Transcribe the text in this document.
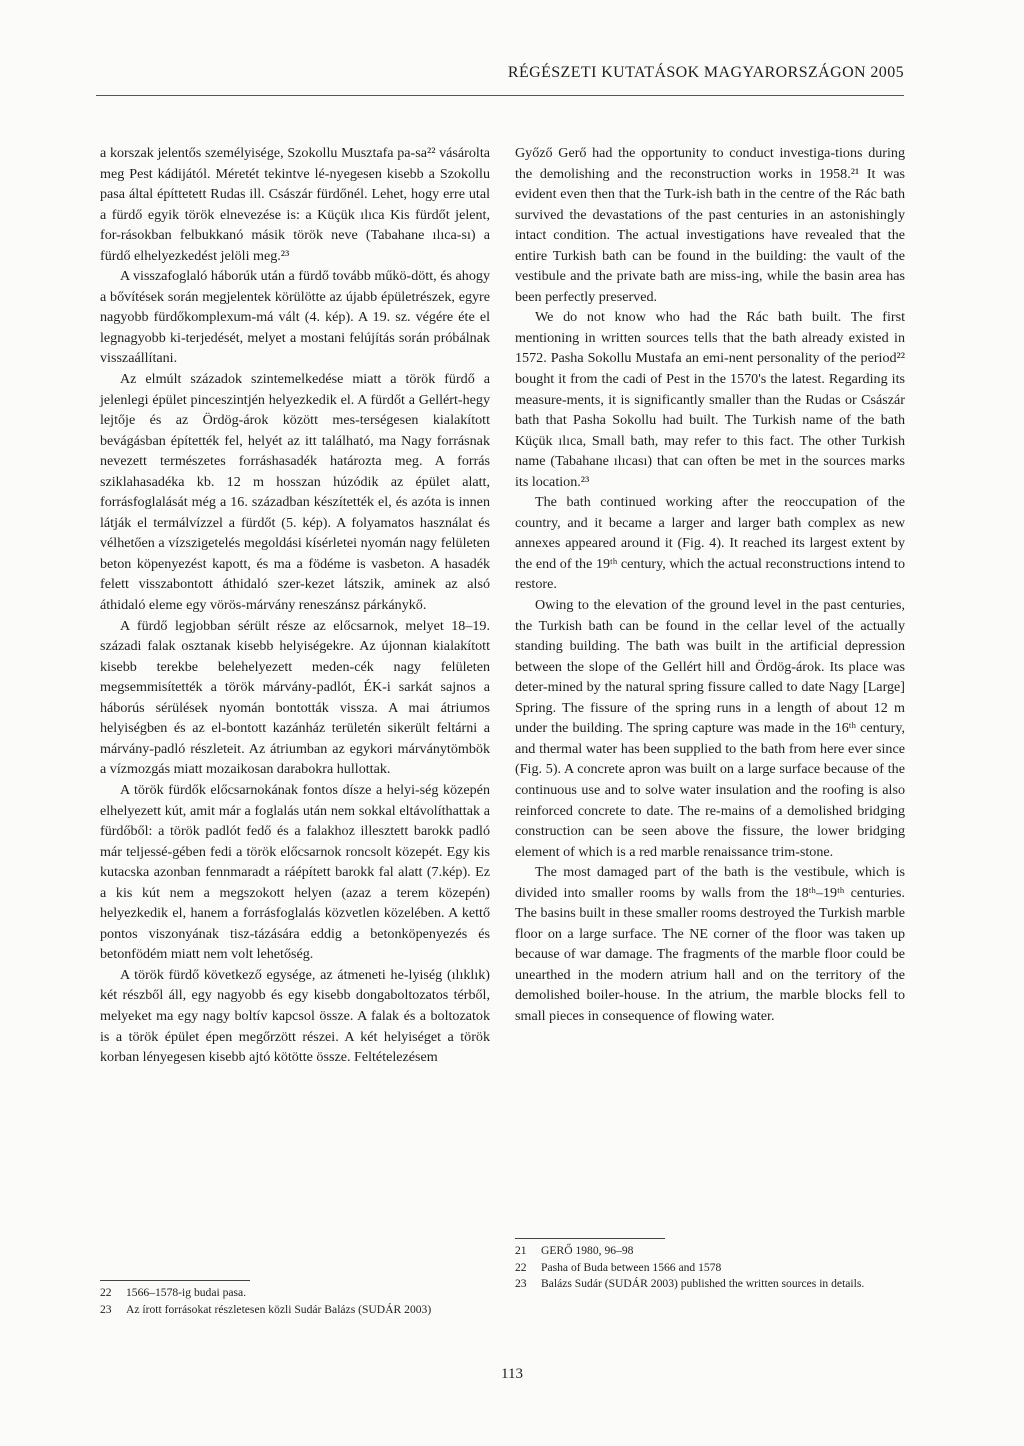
RÉGÉSZETI KUTATÁSOK MAGYARORSZÁGON 2005

a korszak jelentős személyisége, Szokollu Musztafa pa-sa²² vásárolta meg Pest kádijától. Méretét tekintve lé-nyegesen kisebb a Szokollu pasa által építtetett Rudas ill. Császár fürdőnél. Lehet, hogy erre utal a fürdő egyik török elnevezése is: a Küçük ılıca Kis fürdőt jelent, for-rásokban felbukkanó másik török neve (Tabahane ılıca-sı) a fürdő elhelyezkedést jelöli meg.²³

A visszafoglaló háborúk után a fürdő tovább műkö-dött, és ahogy a bővítések során megjelentek körülötte az újabb épületrészek, egyre nagyobb fürdőkomplexum-má vált (4. kép). A 19. sz. végére éte el legnagyobb ki-terjedését, melyet a mostani felújítás során próbálnak visszaállítani.

Az elmúlt századok szintemelkedése miatt a török fürdő a jelenlegi épület pinceszintjén helyezkedik el. A fürdőt a Gellért-hegy lejtője és az Ördög-árok között mes-terségesen kialakított bevágásban építették fel, helyét az itt található, ma Nagy forrásnak nevezett természetes forráshasadék határozta meg. A forrás sziklahasadéka kb. 12 m hosszan húzódik az épület alatt, forrásfoglalását még a 16. században készítették el, és azóta is innen látják el termálvízzel a fürdőt (5. kép). A folyamatos használat és vélhetően a vízszigetelés megoldási kísérletei nyomán nagy felületen beton köpenyezést kapott, és ma a födéme is vasbeton. A hasadék felett visszabontott áthidaló szer-kezet látszik, aminek az alsó áthidaló eleme egy vörös-márvány reneszánsz párkánykő.

A fürdő legjobban sérült része az előcsarnok, melyet 18–19. századi falak osztanak kisebb helyiségekre. Az újonnan kialakított kisebb terekbe belehelyezett meden-cék nagy felületen megsemmisítették a török márvány-padlót, ÉK-i sarkát sajnos a háborús sérülések nyomán bontották vissza. A mai átriumos helyiségben és az el-bontott kazánház területén sikerült feltárni a márvány-padló részleteit. Az átriumban az egykori márványtömbök a vízmozgás miatt mozaikosan darabokra hullottak.

A török fürdők előcsarnokának fontos dísze a helyi-ség közepén elhelyezett kút, amit már a foglalás után nem sokkal eltávolíthattak a fürdőből: a török padlót fedő és a falakhoz illesztett barokk padló már teljessé-gében fedi a török előcsarnok roncsolt közepét. Egy kis kutacska azonban fennmaradt a ráépített barokk fal alatt (7.kép). Ez a kis kút nem a megszokott helyen (azaz a terem közepén) helyezkedik el, hanem a forrásfoglalás közvetlen közelében. A kettő pontos viszonyának tisz-tázására eddig a betonköpenyezés és betonfödém miatt nem volt lehetőség.

A török fürdő következő egysége, az átmeneti he-lyiség (ılıklık) két részből áll, egy nagyobb és egy kisebb dongaboltozatos térből, melyeket ma egy nagy boltív kapcsol össze. A falak és a boltozatok is a török épület épen megőrzött részei. A két helyiséget a török korban lényegesen kisebb ajtó kötötte össze. Feltételezésem

Győző Gerő had the opportunity to conduct investiga-tions during the demolishing and the reconstruction works in 1958.²¹ It was evident even then that the Turk-ish bath in the centre of the Rác bath survived the devastations of the past centuries in an astonishingly intact condition. The actual investigations have revealed that the entire Turkish bath can be found in the building: the vault of the vestibule and the private bath are miss-ing, while the basin area has been perfectly preserved.

We do not know who had the Rác bath built. The first mentioning in written sources tells that the bath already existed in 1572. Pasha Sokollu Mustafa an emi-nent personality of the period²² bought it from the cadi of Pest in the 1570's the latest. Regarding its measure-ments, it is significantly smaller than the Rudas or Császár bath that Pasha Sokollu had built. The Turkish name of the bath Küçük ılıca, Small bath, may refer to this fact. The other Turkish name (Tabahane ılıcası) that can often be met in the sources marks its location.²³

The bath continued working after the reoccupation of the country, and it became a larger and larger bath complex as new annexes appeared around it (Fig. 4). It reached its largest extent by the end of the 19ᵗʰ century, which the actual reconstructions intend to restore.

Owing to the elevation of the ground level in the past centuries, the Turkish bath can be found in the cellar level of the actually standing building. The bath was built in the artificial depression between the slope of the Gellért hill and Ördög-árok. Its place was deter-mined by the natural spring fissure called to date Nagy [Large] Spring. The fissure of the spring runs in a length of about 12 m under the building. The spring capture was made in the 16ᵗʰ century, and thermal water has been supplied to the bath from here ever since (Fig. 5). A concrete apron was built on a large surface because of the continuous use and to solve water insulation and the roofing is also reinforced concrete to date. The re-mains of a demolished bridging construction can be seen above the fissure, the lower bridging element of which is a red marble renaissance trim-stone.

The most damaged part of the bath is the vestibule, which is divided into smaller rooms by walls from the 18ᵗʰ–19ᵗʰ centuries. The basins built in these smaller rooms destroyed the Turkish marble floor on a large surface. The NE corner of the floor was taken up because of war damage. The fragments of the marble floor could be unearthed in the modern atrium hall and on the territory of the demolished boiler-house. In the atrium, the marble blocks fell to small pieces in consequence of flowing water.

22	1566–1578-ig budai pasa.
23	Az írott forrásokat részletesen közli Sudár Balázs (SUDÁR 2003)
21	GERŐ 1980, 96–98
22	Pasha of Buda between 1566 and 1578
23	Balázs Sudár (SUDÁR 2003) published the written sources in details.
113
